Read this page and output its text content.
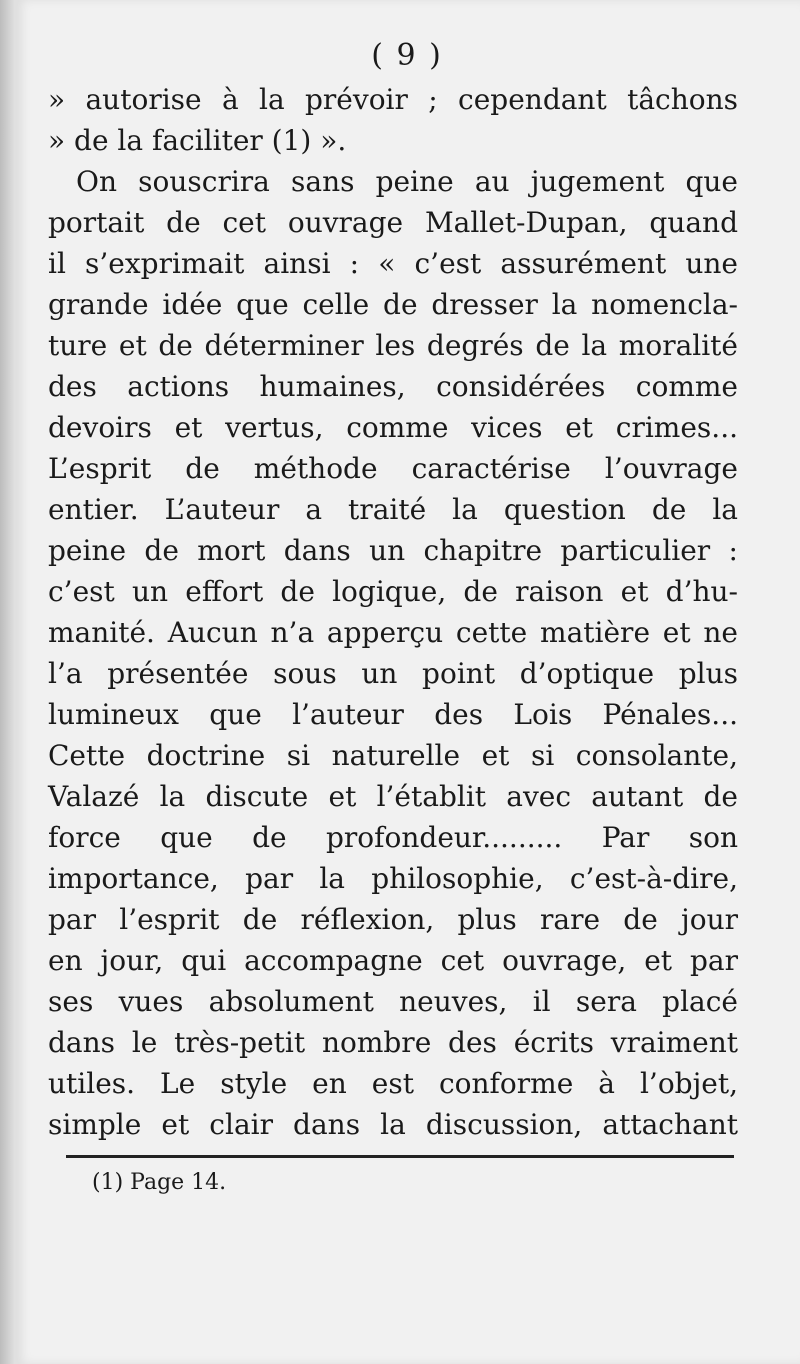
( 9 )
» autorise à la prévoir ; cependant tâchons
» de la faciliter (1) ».
On souscrira sans peine au jugement que
portait de cet ouvrage Mallet-Dupan, quand
il s’exprimait ainsi : « c’est assurément une
grande idée que celle de dresser la nomencla-
ture et de déterminer les degrés de la moralité
des actions humaines, considérées comme
devoirs et vertus, comme vices et crimes...
L’esprit de méthode caractérise l’ouvrage
entier. L’auteur a traité la question de la
peine de mort dans un chapitre particulier :
c’est un effort de logique, de raison et d’hu-
manité. Aucun n’a apperçu cette matière et ne
l’a présentée sous un point d’optique plus
lumineux que l’auteur des Lois Pénales...
Cette doctrine si naturelle et si consolante,
Valazé la discute et l’établit avec autant de
force que de profondeur......... Par son
importance, par la philosophie, c’est-à-dire,
par l’esprit de réflexion, plus rare de jour
en jour, qui accompagne cet ouvrage, et par
ses vues absolument neuves, il sera placé
dans le très-petit nombre des écrits vraiment
utiles. Le style en est conforme à l’objet,
simple et clair dans la discussion, attachant
(1) Page 14.
